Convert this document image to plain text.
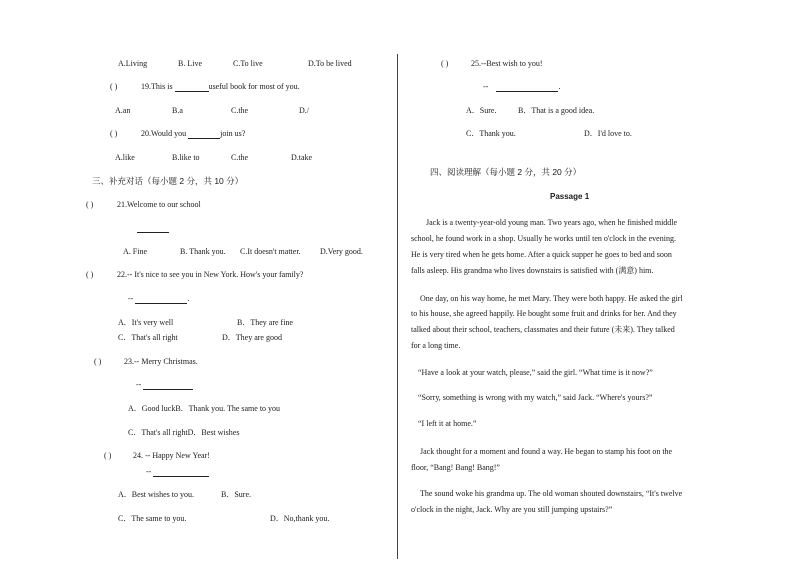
A.Living	B. Live	C.To live	D.To be lived
( )	19.This is	useful book for most of you.
A.an	B.a	C.the	D./
( )	20.Would you	join us?
A.like	B.like to	C.the	D.take
三、补充对话（每小题 2 分，共 10 分）
( )	21.Welcome to our school
A. Fine	B. Thank you. C.It doesn't matter. D.Very good.
( )	22.-- It's nice to see you in New York. How's your family?
--	.
A．It's very well	B．They are fine
C．That's all right	D．They are good
( )	23.-- Merry Christmas.
--
A．Good luckB．Thank you. The same to you
C．That's all rightD．Best wishes
( )	24. -- Happy New Year!
--
A．Best wishes to you.	B．Sure.
C．The same to you.	D．No,thank you.
( )	25.--Best wish to you!
--	.
A．Sure.	B．That is a good idea.
C．Thank you.	D．I'd love to.
四、阅读理解（每小题 2 分，共 20 分）
Passage 1
Jack is a twenty-year-old young man. Two years ago, when he finished middle
school, he found work in a shop. Usually he works until ten o'clock in the evening.
He is very tired when he gets home. After a quick supper he goes to bed and soon
falls asleep. His grandma who lives downstairs is satisfied with (满意) him.
One day, on his way home, he met Mary. They were both happy. He asked the girl
to his house, she agreed happily. He bought some fruit and drinks for her. And they
talked about their school, teachers, classmates and their future (未来). They talked
for a long time.
“Have a look at your watch, please,” said the girl. “What time is it now?”
“Sorry, something is wrong with my watch,” said Jack. “Where's yours?”
“I left it at home.”
Jack thought for a moment and found a way. He began to stamp his foot on the
floor, “Bang! Bang! Bang!”
The sound woke his grandma up. The old woman shouted downstairs, “It's twelve
o'clock in the night, Jack. Why are you still jumping upstairs?”
